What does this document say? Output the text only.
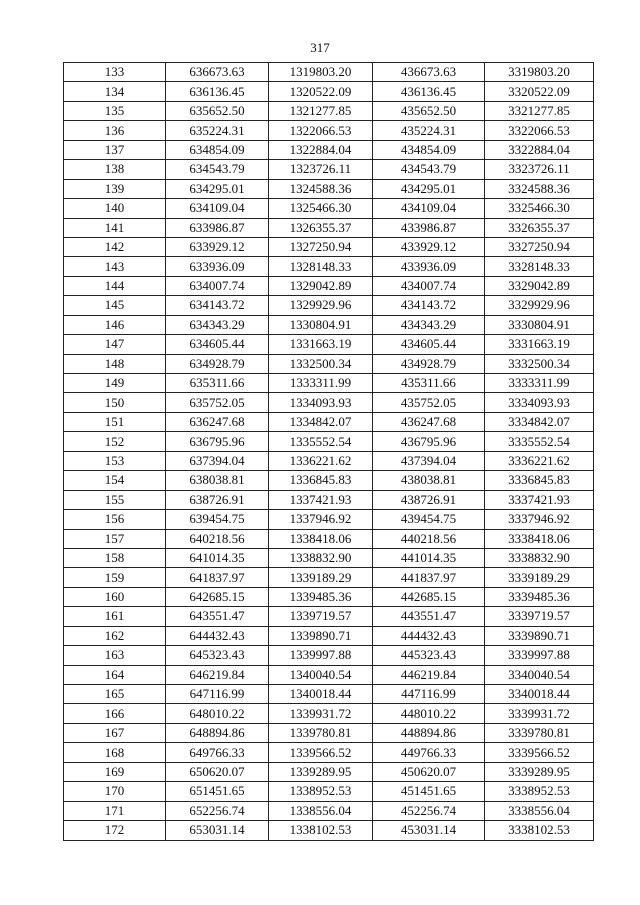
317
133	636673.63	1319803.20	436673.63	3319803.20
134	636136.45	1320522.09	436136.45	3320522.09
135	635652.50	1321277.85	435652.50	3321277.85
136	635224.31	1322066.53	435224.31	3322066.53
137	634854.09	1322884.04	434854.09	3322884.04
138	634543.79	1323726.11	434543.79	3323726.11
139	634295.01	1324588.36	434295.01	3324588.36
140	634109.04	1325466.30	434109.04	3325466.30
141	633986.87	1326355.37	433986.87	3326355.37
142	633929.12	1327250.94	433929.12	3327250.94
143	633936.09	1328148.33	433936.09	3328148.33
144	634007.74	1329042.89	434007.74	3329042.89
145	634143.72	1329929.96	434143.72	3329929.96
146	634343.29	1330804.91	434343.29	3330804.91
147	634605.44	1331663.19	434605.44	3331663.19
148	634928.79	1332500.34	434928.79	3332500.34
149	635311.66	1333311.99	435311.66	3333311.99
150	635752.05	1334093.93	435752.05	3334093.93
151	636247.68	1334842.07	436247.68	3334842.07
152	636795.96	1335552.54	436795.96	3335552.54
153	637394.04	1336221.62	437394.04	3336221.62
154	638038.81	1336845.83	438038.81	3336845.83
155	638726.91	1337421.93	438726.91	3337421.93
156	639454.75	1337946.92	439454.75	3337946.92
157	640218.56	1338418.06	440218.56	3338418.06
158	641014.35	1338832.90	441014.35	3338832.90
159	641837.97	1339189.29	441837.97	3339189.29
160	642685.15	1339485.36	442685.15	3339485.36
161	643551.47	1339719.57	443551.47	3339719.57
162	644432.43	1339890.71	444432.43	3339890.71
163	645323.43	1339997.88	445323.43	3339997.88
164	646219.84	1340040.54	446219.84	3340040.54
165	647116.99	1340018.44	447116.99	3340018.44
166	648010.22	1339931.72	448010.22	3339931.72
167	648894.86	1339780.81	448894.86	3339780.81
168	649766.33	1339566.52	449766.33	3339566.52
169	650620.07	1339289.95	450620.07	3339289.95
170	651451.65	1338952.53	451451.65	3338952.53
171	652256.74	1338556.04	452256.74	3338556.04
172	653031.14	1338102.53	453031.14	3338102.53
